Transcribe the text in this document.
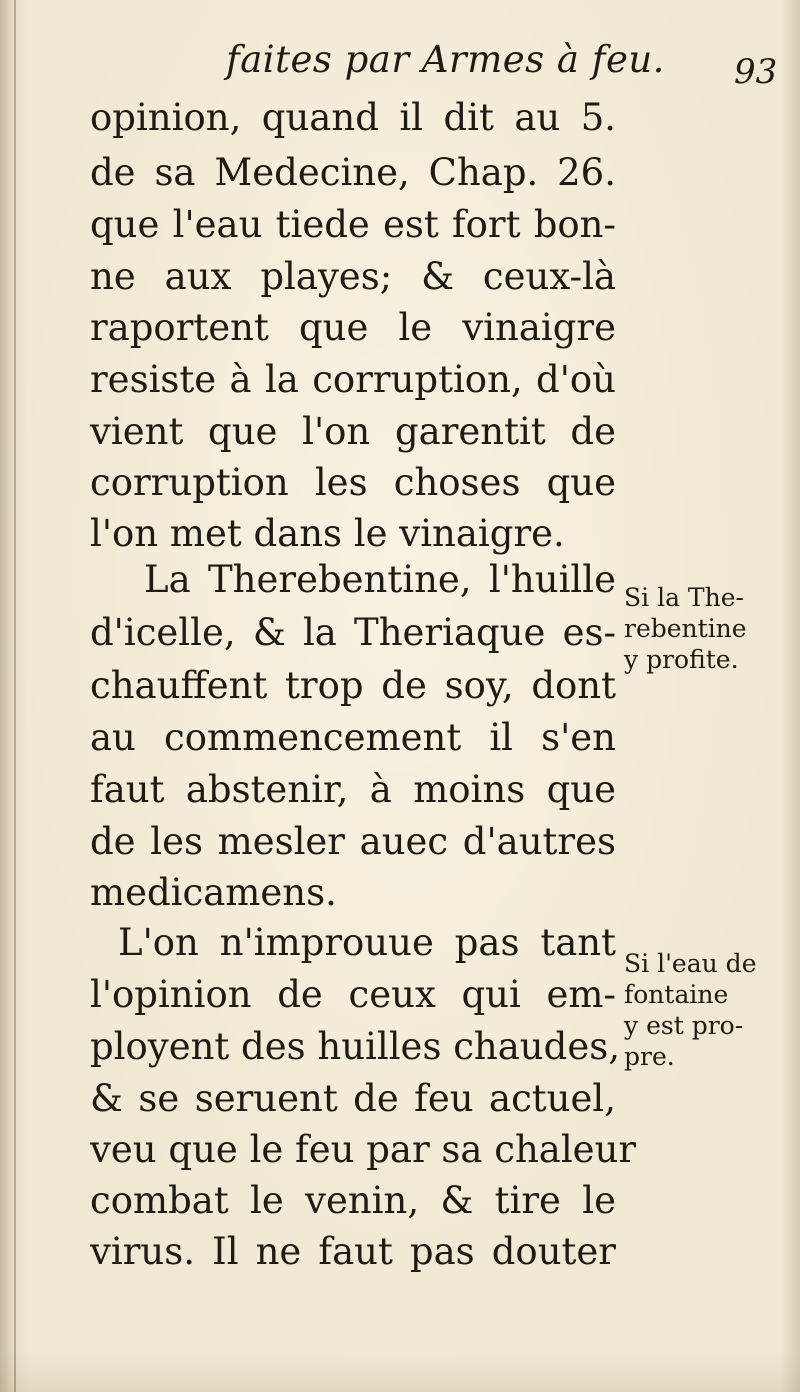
faites par Armes à feu. 93
opinion, quand il dit au 5.
de sa Medecine, Chap. 26.
que l'eau tiede est fort bon-
ne aux playes; & ceux-là
raportent que le vinaigre
resiste à la corruption, d'où
vient que l'on garentit de
corruption les choses que
l'on met dans le vinaigre.
La Therebentine, l'huille
d'icelle, & la Theriaque es-
chauffent trop de soy, dont
au commencement il s'en
faut abstenir, à moins que
de les mesler auec d'autres
medicamens.
L'on n'improuue pas tant
l'opinion de ceux qui em-
ployent des huilles chaudes,
& se seruent de feu actuel,
veu que le feu par sa chaleur
combat le venin, & tire le
virus. Il ne faut pas douter
Si la The-
rebentine
y profite.
Si l'eau de
fontaine
y est pro-
pre.
